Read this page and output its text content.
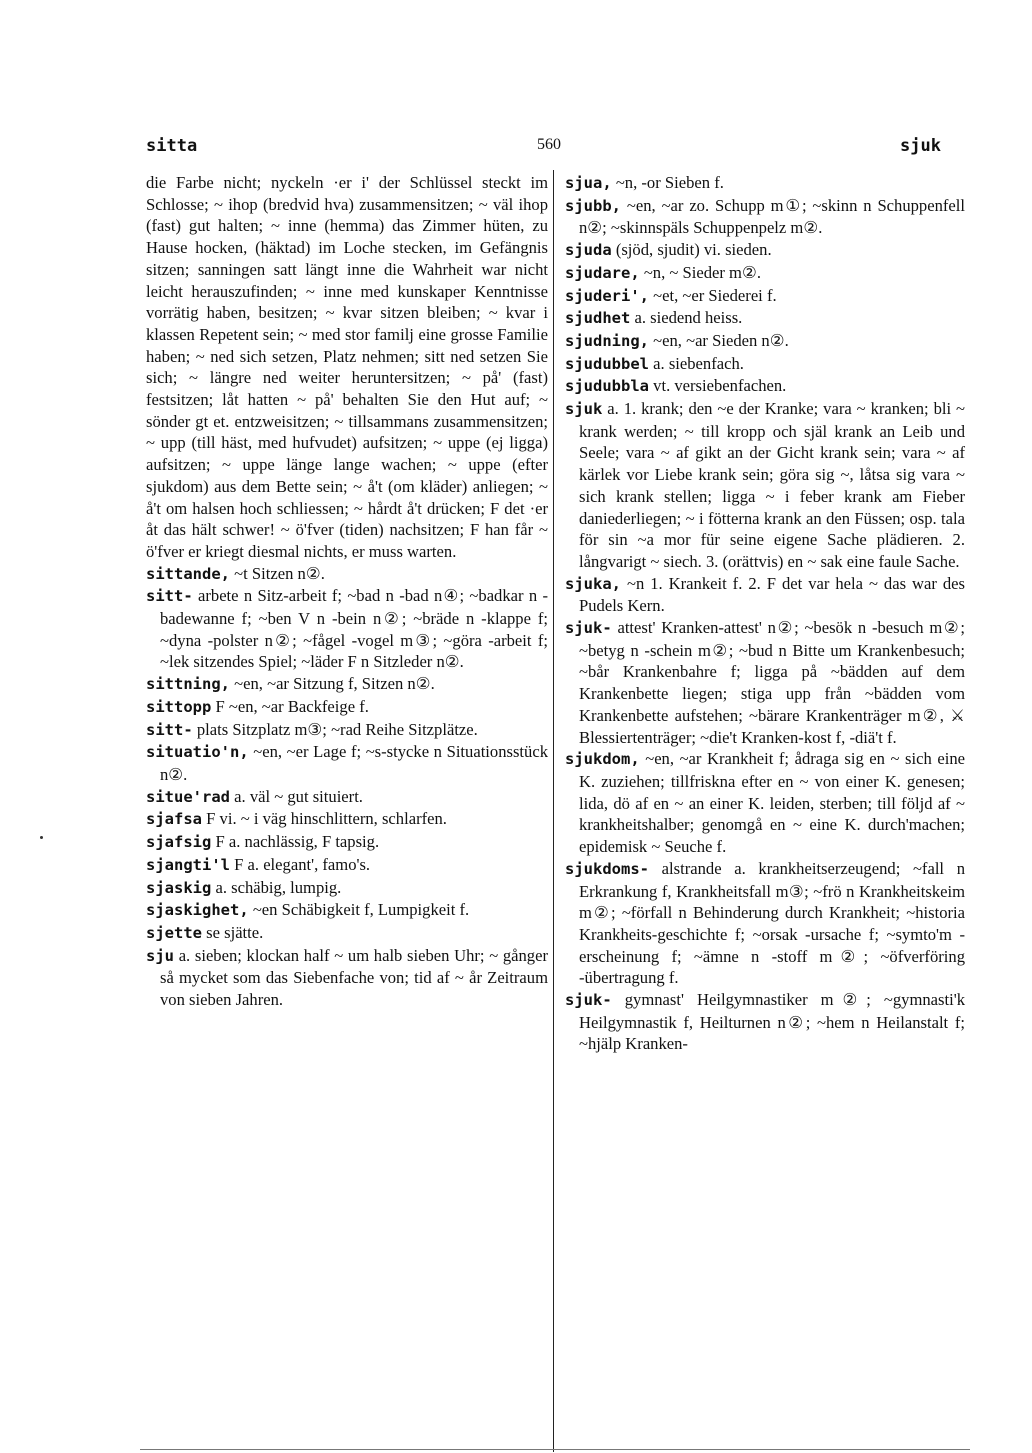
sitta	560	sjuk

die Farbe nicht; nyckeln ·er i' der Schlüssel steckt im Schlosse; ~ ihop (bredvid hva) zusammensitzen; ~ väl ihop (fast) gut halten; ~ inne (hemma) das Zimmer hüten, zu Hause hocken, (häktad) im Loche stecken, im Gefängnis sitzen; sanningen satt längt inne die Wahrheit war nicht leicht herauszufinden; ~ inne med kunskaper Kenntnisse vorrätig haben, besitzen; ~ kvar sitzen bleiben; ~ kvar i klassen Repetent sein; ~ med stor familj eine grosse Familie haben; ~ ned sich setzen, Platz nehmen; sitt ned setzen Sie sich; ~ längre ned weiter heruntersitzen; ~ på' (fast) festsitzen; låt hatten ~ på' behalten Sie den Hut auf; ~ sönder gt et. entzweisitzen; ~ tillsammans zusammensitzen; ~ upp (till häst, med hufvudet) aufsitzen; ~ uppe (ej ligga) aufsitzen; ~ uppe länge lange wachen; ~ uppe (efter sjukdom) aus dem Bette sein; ~ å't (om kläder) anliegen; ~ å't om halsen hoch schliessen; ~ hårdt å't drücken; F det ·er åt das hält schwer! ~ ö'fver (tiden) nachsitzen; F han får ~ ö'fver er kriegt diesmal nichts, er muss warten.

sittande, ~t Sitzen n②.

sitt- arbete n Sitz-arbeit f; ~bad n -bad n④; ~badkar n -badewanne f; ~ben V n -bein n②; ~bräde n -klappe f; ~dyna -polster n②; ~fågel -vogel m③; ~göra -arbeit f; ~lek sitzendes Spiel; ~läder F n Sitzleder n②.

sittning, ~en, ~ar Sitzung f, Sitzen n②.

sittopp F ~en, ~ar Backfeige f.

sitt- plats Sitzplatz m③; ~rad Reihe Sitzplätze.

situatio'n, ~en, ~er Lage f; ~s-stycke n Situationsstück n②.

situe'rad a. väl ~ gut situiert.

sjafsa F vi. ~ i väg hinschlittern, schlarfen.

sjafsig F a. nachlässig, F tapsig.

sjangti'l F a. elegant', famo's.

sjaskig a. schäbig, lumpig.

sjaskighet, ~en Schäbigkeit f, Lumpigkeit f.

sjette se sjätte.

sju a. sieben; klockan half ~ um halb sieben Uhr; ~ gånger så mycket som das Siebenfache von; tid af ~ år Zeitraum von sieben Jahren.

sjua, ~n, -or Sieben f.

sjubb, ~en, ~ar zo. Schupp m①; ~skinn n Schuppenfell n②; ~skinnspäls Schuppenpelz m②.

sjuda (sjöd, sjudit) vi. sieden.

sjudare, ~n, ~ Sieder m②.

sjuderi', ~et, ~er Siederei f.

sjudhet a. siedend heiss.

sjudning, ~en, ~ar Sieden n②.

sjudubbel a. siebenfach.

sjudubbla vt. versiebenfachen.

sjuk a. 1. krank; den ~e der Kranke; vara ~ kranken; bli ~ krank werden; ~ till kropp och själ krank an Leib und Seele; vara ~ af gikt an der Gicht krank sein; vara ~ af kärlek vor Liebe krank sein; göra sig ~, låtsa sig vara ~ sich krank stellen; ligga ~ i feber krank am Fieber daniederliegen; ~ i fötterna krank an den Füssen; osp. tala för sin ~a mor für seine eigene Sache plädieren. 2. långvarigt ~ siech. 3. (orättvis) en ~ sak eine faule Sache.

sjuka, ~n 1. Krankeit f. 2. F det var hela ~ das war des Pudels Kern.

sjuk- attest' Kranken-attest' n②; ~besök n -besuch m②; ~betyg n -schein m②; ~bud n Bitte um Krankenbesuch; ~bår Krankenbahre f; ligga på ~bädden auf dem Krankenbette liegen; stiga upp från ~bädden vom Krankenbette aufstehen; ~bärare Krankenträger m②, ⚔ Blessiertenträger; ~die't Kranken-kost f, -diä't f.

sjukdom, ~en, ~ar Krankheit f; ådraga sig en ~ sich eine K. zuziehen; tillfriskna efter en ~ von einer K. genesen; lida, dö af en ~ an einer K. leiden, sterben; till följd af ~ krankheitshalber; genomgå en ~ eine K. durch'machen; epidemisk ~ Seuche f.

sjukdoms- alstrande a. krankheitserzeugend; ~fall n Erkrankung f, Krankheitsfall m③; ~frö n Krankheitskeim m②; ~förfall n Behinderung durch Krankheit; ~historia Krankheits-geschichte f; ~orsak -ursache f; ~symto'm -erscheinung f; ~ämne n -stoff m②; ~öfverföring -übertragung f.

sjuk- gymnast' Heilgymnastiker m②; ~gymnasti'k Heilgymnastik f, Heilturnen n②; ~hem n Heilanstalt f; ~hjälp Kranken-
